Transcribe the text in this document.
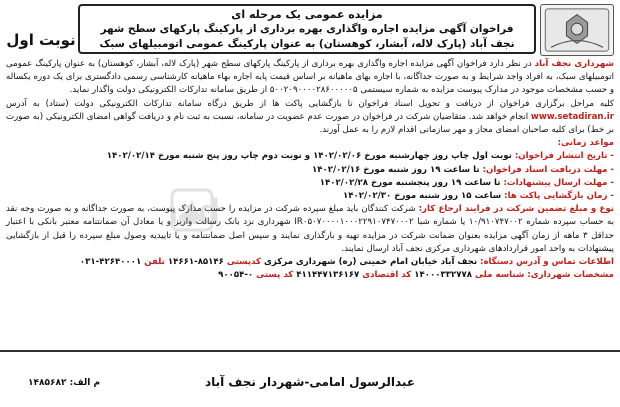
مزایده عمومی یک مرحله ای
فراخوان آگهی مزایده اجاره واگذاری بهره برداری از پارکینگ پارکهای سطح شهر
نجف آباد (پارک لاله، آبشار، کوهستان) به عنوان پارکینگ عمومی اتومبیلهای سبک
نوبت اول

شهرداری نجف آباد در نظر دارد فراخوان آگهی مزایده اجاره واگذاری بهره برداری از پارکینگ پارکهای سطح شهر (پارک لاله، آبشار، کوهستان) به عنوان پارکینگ عمومی اتومبیلهای سبک، به افراد واجد شرایط و به صورت جداگانه، با اجاره بهای ماهیانه بر اساس قیمت پایه اجاره بهاء ماهیانه کارشناسی رسمی دادگستری برای یک دوره یکساله و حسب مشخصات موجود در مدارک پیوست مزایده به شماره سیستمی ۵۰۰۲۰۹۰۰۰۰۲۸۶۰۰۰۰۰۵ از طریق سامانه تدارکات الکترونیکی دولت واگذار نماید.

کلیه مراحل برگزاری فراخوان از دریافت و تحویل اسناد فراخوان تا بازگشایی پاکت ها از طریق درگاه سامانه تدارکات الکترونیکی دولت (ستاد) به آدرس www.setadiran.ir انجام خواهد شد. متقاضیان شرکت در فراخوان در صورت عدم عضویت در سامانه، نسبت به ثبت نام و دریافت گواهی امضای الکترونیکی (به صورت بر خط) برای کلیه صاحبان امضای مجاز و مهر سازمانی اقدام لازم را به عمل آورند.

مواعد زمانی:

- تاریخ انتشار فراخوان: نوبت اول چاپ روز چهارشنبه مورخ ۱۴۰۲/۰۲/۰۶ و نوبت دوم چاپ روز پنج شنبه مورخ ۱۴۰۲/۰۲/۱۴

- مهلت دریافت اسناد فراخوان: تا ساعت ۱۹ روز شنبه مورخ ۱۴۰۲/۰۲/۱۶

- مهلت ارسال پیشنهادات: تا ساعت ۱۹ روز پنجشنبه مورخ ۱۴۰۲/۰۲/۲۸

- زمان بازگشایی پاکت ها: ساعت ۱۵ روز شنبه مورخ ۱۴۰۲/۰۲/۳۰

نوع و مبلغ تضمین شرکت در فرایند ارجاع کار: شرکت کنندگان باید مبلغ سپرده شرکت در مزایده را حسب مدارک پیوست، به صورت جداگانه و به صورت وجه نقد به حساب سپرده شماره ۱۰/۹۱۰۷۴۷۰۰۲ یا شماره شبا IR۰۵۰۷۰۰۰۰۱۰۰۰۲۲۹۱۰۷۴۷۰۰۰۲ شهرداری نزد بانک رسالت واریز و یا معادل آن ضمانتنامه معتبر بانکی با اعتبار حداقل ۳ ماهه از زمان آگهی مزایده بعنوان ضمانت شرکت در مزایده تهیه و بارگذاری نمایند و سپس اصل ضمانتنامه و یا تاییدیه وصول مبلغ سپرده را قبل از بازگشایی پیشنهادات به واحد امور قراردادهای شهرداری مرکزی نجف آباد ارسال نمایند.

اطلاعات تماس و آدرس دستگاه: نجف آباد خیابان امام خمینی (ره) شهرداری مرکزی کدپستی ۸۵۱۴۶-۱۴۶۶۱ تلفن ۴۲۶۴۰۰۰۱-۰۳۱

مشخصات شهرداری: شناسه ملی ۱۴۰۰۰۳۳۲۷۷۸ کد اقتصادی ۴۱۱۴۴۷۱۳۶۱۶۷ کد پستی ۰-۹۰۰۵۴

ad
عبدالرسول امامی-شهردار نجف آباد
م الف: ۱۴۸۵۶۸۲
